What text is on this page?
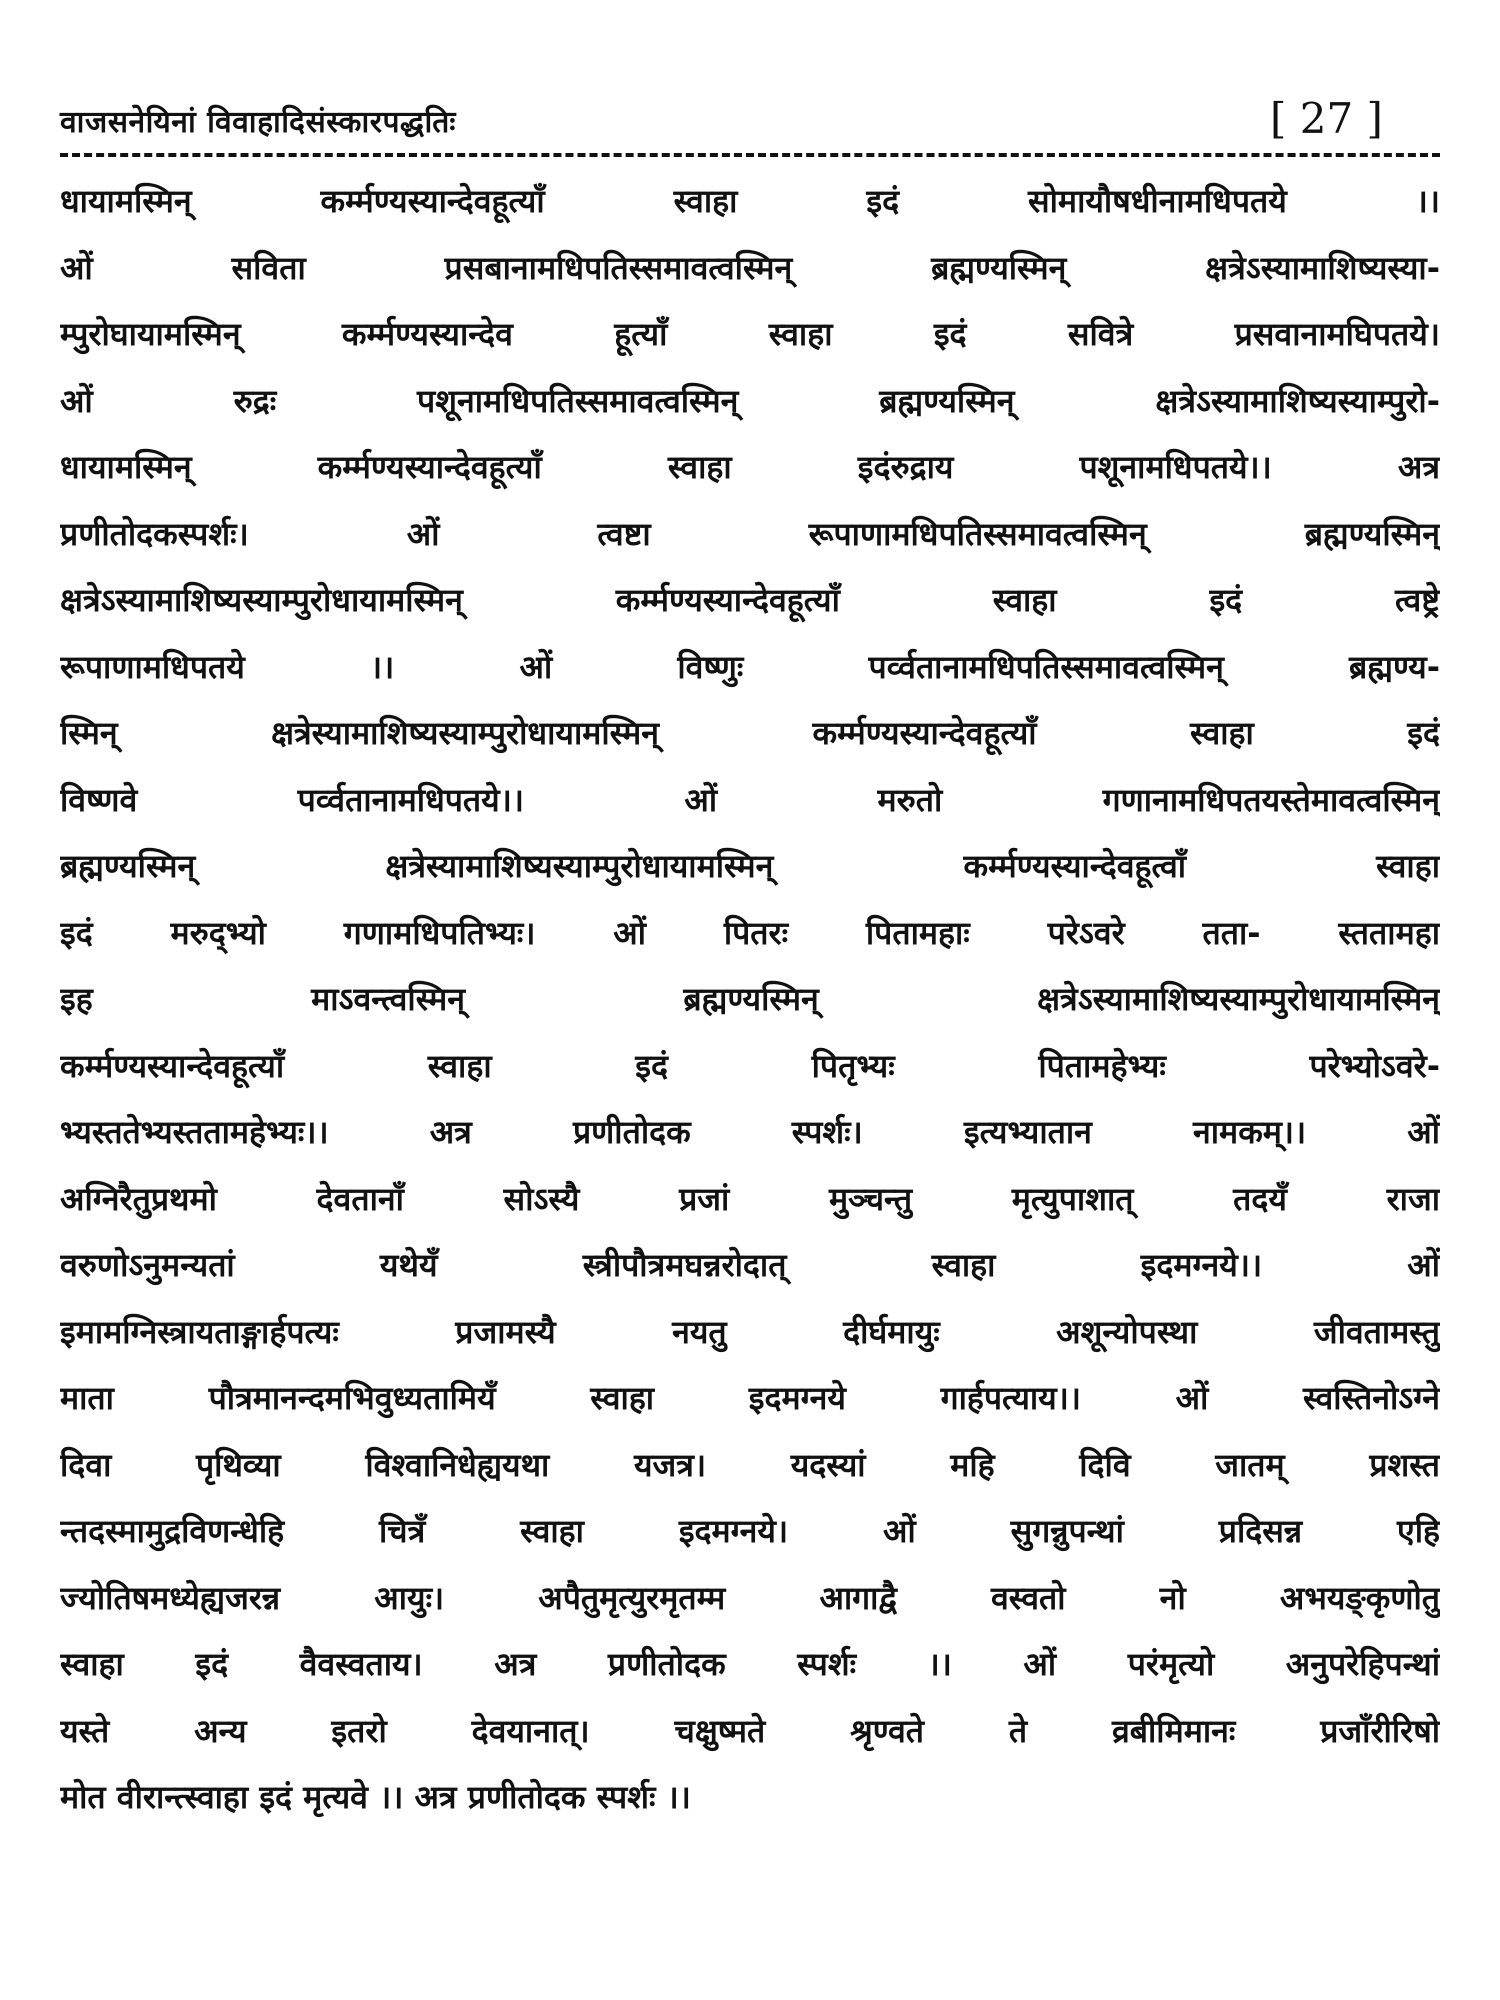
वाजसनेयिनां विवाहादिसंस्कारपद्धतिः	[ 27 ]
धायामस्मिन् कर्म्मण्यस्यान्देवहूत्याॅं स्वाहा इदं सोमायौषधीनामधिपतये ।।
ओं सविता प्रसबानामधिपतिस्समावत्वस्मिन् ब्रह्मण्यस्मिन् क्षत्रेऽस्यामाशिष्यस्या-
म्पुरोघायामस्मिन् कर्म्मण्यस्यान्देव हूत्याॅं स्वाहा इदं सवित्रे प्रसवानामघिपतये।
ओं रुद्रः पशूनामधिपतिस्समावत्वस्मिन् ब्रह्मण्यस्मिन् क्षत्रेऽस्यामाशिष्यस्याम्पुरो-
धायामस्मिन् कर्म्मण्यस्यान्देवहूत्याॅं स्वाहा इदंरुद्राय पशूनामधिपतये।। अत्र
प्रणीतोदकस्पर्शः। ओं त्वष्टा रूपाणामधिपतिस्समावत्वस्मिन् ब्रह्मण्यस्मिन्
क्षत्रेऽस्यामाशिष्यस्याम्पुरोधायामस्मिन् कर्म्मण्यस्यान्देवहूत्याॅं स्वाहा इदं त्वष्ट्रे
रूपाणामधिपतये ।। ओं विष्णुः पर्व्वतानामधिपतिस्समावत्वस्मिन् ब्रह्मण्य-
स्मिन् क्षत्रेस्यामाशिष्यस्याम्पुरोधायामस्मिन् कर्म्मण्यस्यान्देवहूत्याॅं स्वाहा इदं
विष्णवे पर्व्वतानामधिपतये।। ओं मरुतो गणानामधिपतयस्तेमावत्वस्मिन्
ब्रह्मण्यस्मिन् क्षत्रेस्यामाशिष्यस्याम्पुरोधायामस्मिन् कर्म्मण्यस्यान्देवहूत्वाॅं स्वाहा
इदं मरुद्भ्यो गणामधिपतिभ्यः। ओं पितरः पितामहाः परेऽवरे तता- स्ततामहा
इह माऽवन्त्वस्मिन् ब्रह्मण्यस्मिन् क्षत्रेऽस्यामाशिष्यस्याम्पुरोधायामस्मिन्
कर्म्मण्यस्यान्देवहूत्याॅं स्वाहा इदं पितृभ्यः पितामहेभ्यः परेभ्योऽवरे-
भ्यस्ततेभ्यस्ततामहेभ्यः।। अत्र प्रणीतोदक स्पर्शः। इत्यभ्यातान नामकम्।। ओं
अग्निरैतुप्रथमो देवतानाॅं सोऽस्यै प्रजां मुञ्चन्तु मृत्युपाशात् तदयॅं राजा
वरुणोऽनुमन्यतां यथेयॅं स्त्रीपौत्रमघन्नरोदात् स्वाहा इदमग्नये।। ओं
इमामग्निस्त्रायताङ्गार्हपत्यः प्रजामस्यै नयतु दीर्घमायुः अशून्योपस्था जीवतामस्तु
माता पौत्रमानन्दमभिवुध्यतामियॅं स्वाहा इदमग्नये गार्हपत्याय।। ओं स्वस्तिनोऽग्ने
दिवा पृथिव्या विश्वानिधेह्ययथा यजत्र। यदस्यां महि दिवि जातम् प्रशस्त
न्तदस्मामुद्रविणन्धेहि चित्रॅं स्वाहा इदमग्नये। ओं सुगन्नुपन्थां प्रदिसन्न एहि
ज्योतिषमध्येह्यजरन्न आयुः। अपैतुमृत्युरमृतम्म आगाद्वै वस्वतो नो अभयङ्कृणोतु
स्वाहा इदं वैवस्वताय। अत्र प्रणीतोदक स्पर्शः ।। ओं परंमृत्यो अनुपरेहिपन्थां
यस्ते अन्य इतरो देवयानात्। चक्षुष्मते श्रृण्वते ते व्रबीमिमानः प्रजाॅंरीरिषो
मोत वीरान्त्स्वाहा इदं मृत्यवे ।। अत्र प्रणीतोदक स्पर्शः ।।
